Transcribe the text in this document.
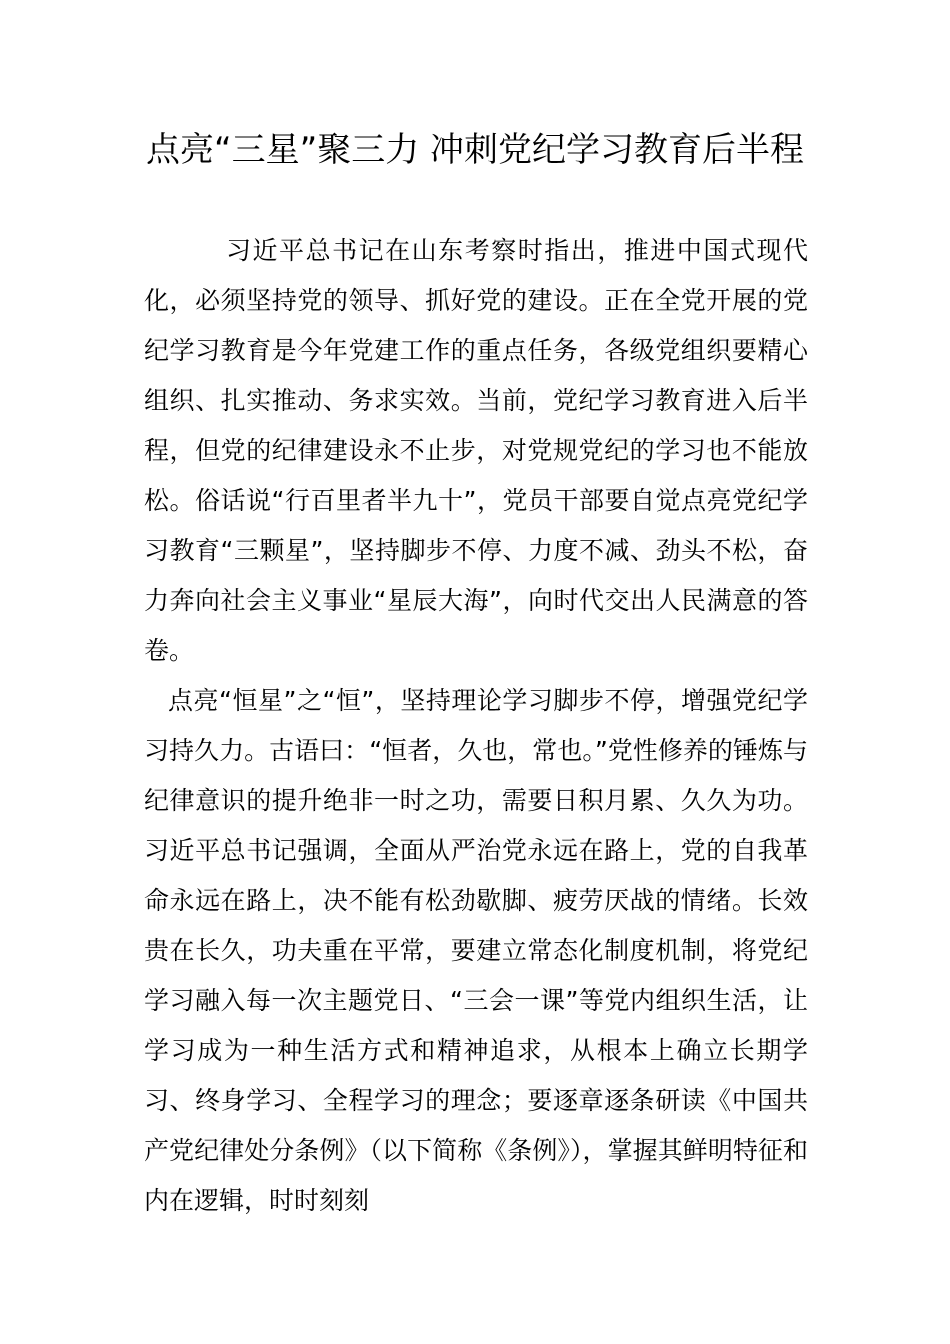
点亮“三星”聚三力 冲刺党纪学习教育后半程

习近平总书记在山东考察时指出，推进中国式现代化，必须坚持党的领导、抓好党的建设。正在全党开展的党纪学习教育是今年党建工作的重点任务，各级党组织要精心组织、扎实推动、务求实效。当前，党纪学习教育进入后半程，但党的纪律建设永不止步，对党规党纪的学习也不能放松。俗话说“行百里者半九十”，党员干部要自觉点亮党纪学习教育“三颗星”，坚持脚步不停、力度不减、劲头不松，奋力奔向社会主义事业“星辰大海”，向时代交出人民满意的答卷。

点亮“恒星”之“恒”，坚持理论学习脚步不停，增强党纪学习持久力。古语曰：“恒者，久也，常也。”党性修养的锤炼与纪律意识的提升绝非一时之功，需要日积月累、久久为功。习近平总书记强调，全面从严治党永远在路上，党的自我革命永远在路上，决不能有松劲歇脚、疲劳厌战的情绪。长效贵在长久，功夫重在平常，要建立常态化制度机制，将党纪学习融入每一次主题党日、“三会一课”等党内组织生活，让学习成为一种生活方式和精神追求，从根本上确立长期学习、终身学习、全程学习的理念；要逐章逐条研读《中国共产党纪律处分条例》（以下简称《条例》），掌握其鲜明特征和内在逻辑，时时刻刻
